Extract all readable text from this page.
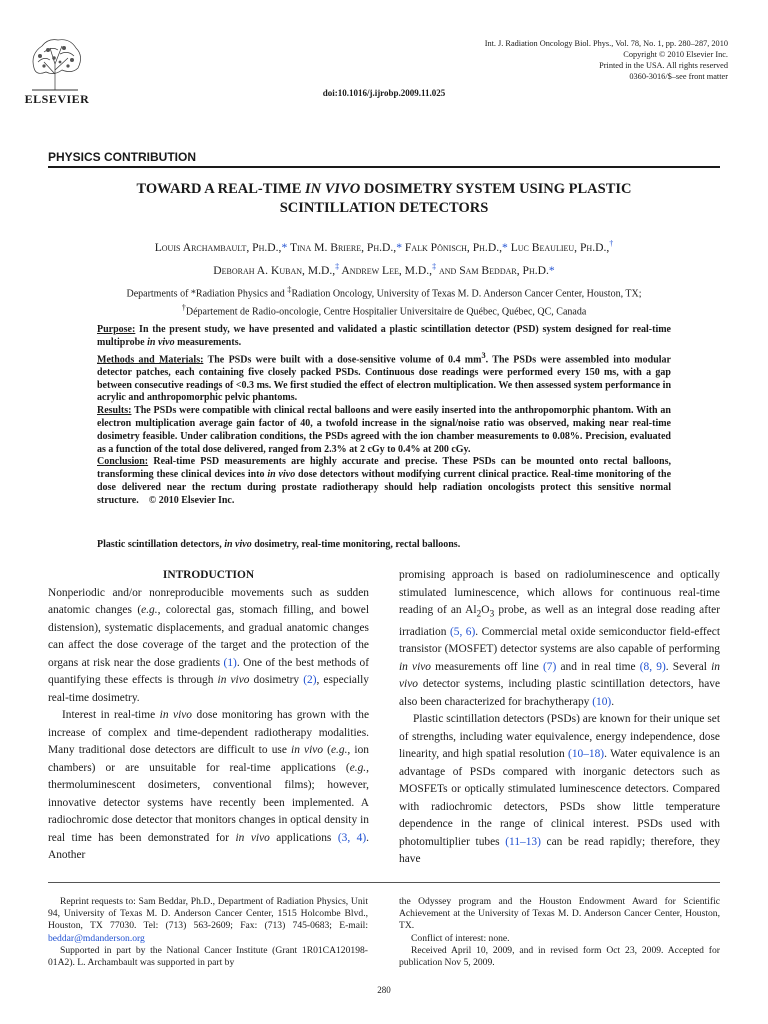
ELSEVIER
Int. J. Radiation Oncology Biol. Phys., Vol. 78, No. 1, pp. 280–287, 2010
Copyright © 2010 Elsevier Inc.
Printed in the USA. All rights reserved
0360-3016/$–see front matter
doi:10.1016/j.ijrobp.2009.11.025
PHYSICS CONTRIBUTION
TOWARD A REAL-TIME IN VIVO DOSIMETRY SYSTEM USING PLASTIC
SCINTILLATION DETECTORS
Louis Archambault, Ph.D.,* Tina M. Briere, Ph.D.,* Falk Pönisch, Ph.D.,* Luc Beaulieu, Ph.D.,†
Deborah A. Kuban, M.D.,‡ Andrew Lee, M.D.,‡ and Sam Beddar, Ph.D.*
Departments of *Radiation Physics and ‡Radiation Oncology, University of Texas M. D. Anderson Cancer Center, Houston, TX;
†Département de Radio-oncologie, Centre Hospitalier Universitaire de Québec, Québec, QC, Canada

Purpose: In the present study, we have presented and validated a plastic scintillation detector (PSD) system designed for real-time multiprobe in vivo measurements.

Methods and Materials: The PSDs were built with a dose-sensitive volume of 0.4 $mm^3$. The PSDs were assembled into modular detector patches, each containing five closely packed PSDs. Continuous dose readings were performed every 150 ms, with a gap between consecutive readings of <0.3 ms. We first studied the effect of electron multiplication. We then assessed system performance in acrylic and anthropomorphic pelvic phantoms.

Results: The PSDs were compatible with clinical rectal balloons and were easily inserted into the anthropomorphic phantom. With an electron multiplication average gain factor of 40, a twofold increase in the signal/noise ratio was observed, making near real-time dosimetry feasible. Under calibration conditions, the PSDs agreed with the ion chamber measurements to 0.08%. Precision, evaluated as a function of the total dose delivered, ranged from 2.3% at 2 cGy to 0.4% at 200 cGy.

Conclusion: Real-time PSD measurements are highly accurate and precise. These PSDs can be mounted onto rectal balloons, transforming these clinical devices into in vivo dose detectors without modifying current clinical practice. Real-time monitoring of the dose delivered near the rectum during prostate radiotherapy should help radiation oncologists protect this sensitive normal structure. © 2010 Elsevier Inc.

Plastic scintillation detectors, in vivo dosimetry, real-time monitoring, rectal balloons.

INTRODUCTION

Nonperiodic and/or nonreproducible movements such as sudden anatomic changes (e.g., colorectal gas, stomach filling, and bowel distension), systematic displacements, and gradual anatomic changes can affect the dose coverage of the target and the protection of the organs at risk near the dose gradients (1). One of the best methods of quantifying these effects is through in vivo dosimetry (2), especially real-time dosimetry.

Interest in real-time in vivo dose monitoring has grown with the increase of complex and time-dependent radiotherapy modalities. Many traditional dose detectors are difficult to use in vivo (e.g., ion chambers) or are unsuitable for real-time applications (e.g., thermoluminescent dosimeters, conventional films); however, innovative detector systems have recently been implemented. A radiochromic dose detector that monitors changes in optical density in real time has been demonstrated for in vivo applications (3, 4). Another

promising approach is based on radioluminescence and optically stimulated luminescence, which allows for continuous real-time reading of an $Al_2O_3$ probe, as well as an integral dose reading after irradiation (5, 6). Commercial metal oxide semiconductor field-effect transistor (MOSFET) detector systems are also capable of performing in vivo measurements off line (7) and in real time (8, 9). Several in vivo detector systems, including plastic scintillation detectors, have also been characterized for brachytherapy (10).

Plastic scintillation detectors (PSDs) are known for their unique set of strengths, including water equivalence, energy independence, dose linearity, and high spatial resolution (10–18). Water equivalence is an advantage of PSDs compared with inorganic detectors such as MOSFETs or optically stimulated luminescence detectors. Compared with radiochromic detectors, PSDs show little temperature dependence in the range of clinical interest. PSDs used with photomultiplier tubes (11–13) can be read rapidly; therefore, they have

Reprint requests to: Sam Beddar, Ph.D., Department of Radiation Physics, Unit 94, University of Texas M. D. Anderson Cancer Center, 1515 Holcombe Blvd., Houston, TX 77030. Tel: (713) 563-2609; Fax: (713) 745-0683; E-mail: beddar@mdanderson.org

Supported in part by the National Cancer Institute (Grant 1R01CA120198-01A2). L. Archambault was supported in part by

the Odyssey program and the Houston Endowment Award for Scientific Achievement at the University of Texas M. D. Anderson Cancer Center, Houston, TX.

Conflict of interest: none.

Received April 10, 2009, and in revised form Oct 23, 2009. Accepted for publication Nov 5, 2009.

280
